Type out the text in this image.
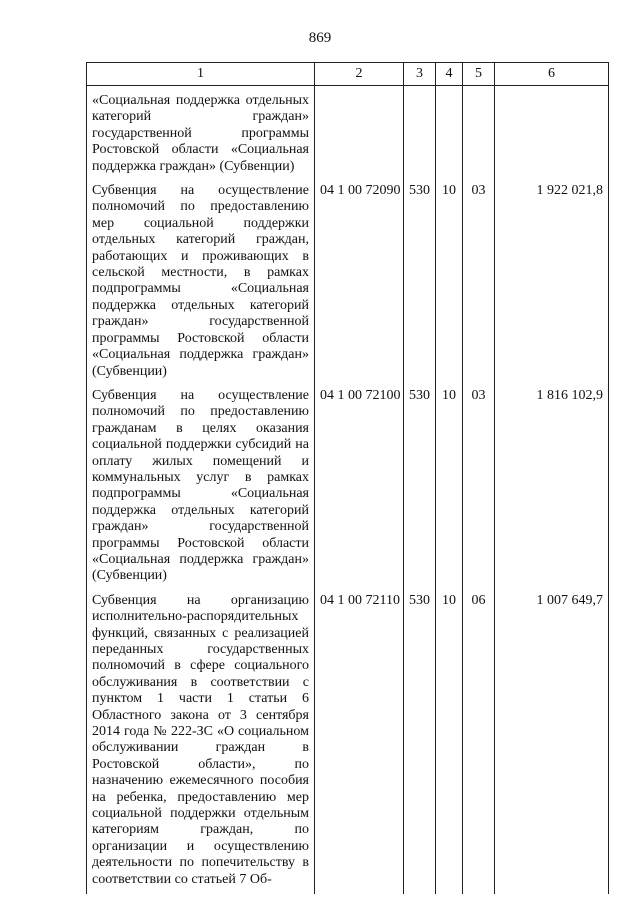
869
1	2	3	4	5	6
«Социальная поддержка отдельных категорий граждан» государственной программы Ростовской области «Социальная поддержка граждан» (Субвенции)					
Субвенция на осуществление полномочий по предоставлению мер социальной поддержки отдельных категорий граждан, работающих и проживающих в сельской местности, в рамках подпрограммы «Социальная поддержка отдельных категорий граждан» государственной программы Ростовской области «Социальная поддержка граждан» (Субвенции)	04 1 00 72090	530	10	03	1 922 021,8
Субвенция на осуществление полномочий по предоставлению гражданам в целях оказания социальной поддержки субсидий на оплату жилых помещений и коммунальных услуг в рамках подпрограммы «Социальная поддержка отдельных категорий граждан» государственной программы Ростовской области «Социальная поддержка граждан» (Субвенции)	04 1 00 72100	530	10	03	1 816 102,9
Субвенция на организацию исполнительно-распорядительных функций, связанных с реализацией переданных государственных полномочий в сфере социального обслуживания в соответствии с пунктом 1 части 1 статьи 6 Областного закона от 3 сентября 2014 года № 222-ЗС «О социальном обслуживании граждан в Ростовской области», по назначению ежемесячного пособия на ребенка, предоставлению мер социальной поддержки отдельным категориям граждан, по организации и осуществлению деятельности по попечительству в соответствии со статьей 7 Об-	04 1 00 72110	530	10	06	1 007 649,7
